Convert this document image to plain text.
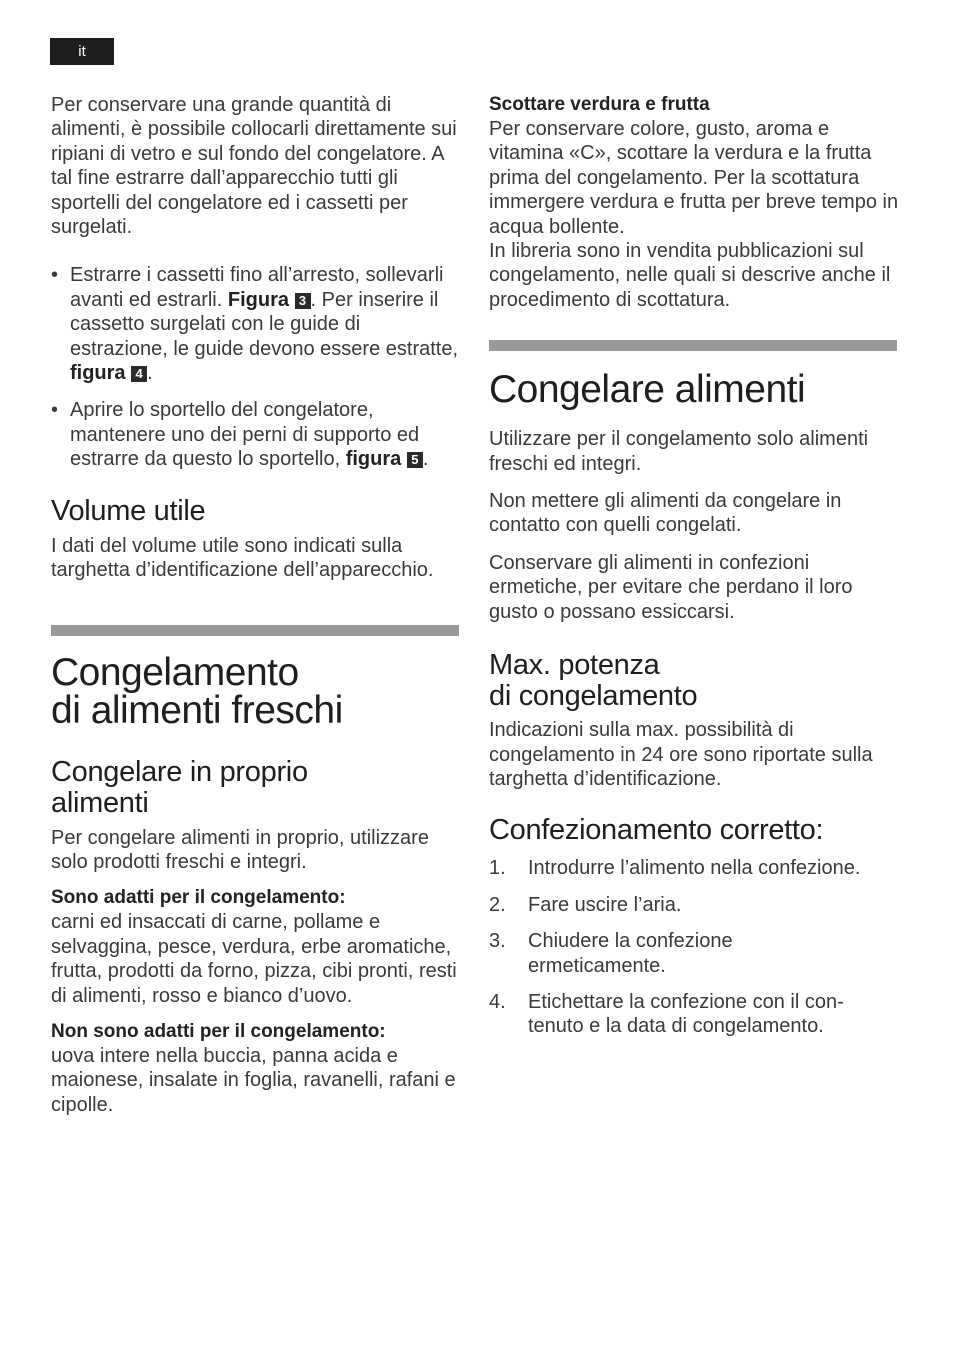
it

Per conservare una grande quantità di alimenti, è possibile collocarli direttamente sui ripiani di vetro e sul fondo del congelatore. A tal fine estrarre dall’apparecchio tutti gli sportelli del congelatore ed i cassetti per surgelati.

• Estrarre i cassetti fino all’arresto, sollevarli avanti ed estrarli. Figura 3 . Per inserire il cassetto surgelati con le guide di estrazione, le guide devono essere estratte, figura 4 .
• Aprire lo sportello del congelatore, mantenere uno dei perni di supporto ed estrarre da questo lo sportello, figura 5 .
Volume utile

I dati del volume utile sono indicati sulla targhetta d’identificazione dell’apparecchio.

Congelamento
di alimenti freschi
Congelare in proprio
alimenti

Per congelare alimenti in proprio, utilizzare solo prodotti freschi e integri.

Sono adatti per il congelamento:

carni ed insaccati di carne, pollame e selvaggina, pesce, verdura, erbe aromatiche, frutta, prodotti da forno, pizza, cibi pronti, resti di alimenti, rosso e bianco d’uovo.

Non sono adatti per il congelamento:

uova intere nella buccia, panna acida e maionese, insalate in foglia, ravanelli, rafani e cipolle.

Scottare verdura e frutta

Per conservare colore, gusto, aroma e vitamina «C», scottare la verdura e la frutta prima del congelamento. Per la scottatura immergere verdura e frutta per breve tempo in acqua bollente.

In libreria sono in vendita pubblicazioni sul congelamento, nelle quali si descrive anche il procedimento di scottatura.

Congelare alimenti

Utilizzare per il congelamento solo alimenti freschi ed integri.

Non mettere gli alimenti da congelare in contatto con quelli congelati.

Conservare gli alimenti in confezioni ermetiche, per evitare che perdano il loro gusto o possano essiccarsi.

Max. potenza
di congelamento

Indicazioni sulla max. possibilità di congelamento in 24 ore sono riportate sulla targhetta d’identificazione.

Confezionamento corretto:
1. Introdurre l’alimento nella confezione.
2. Fare uscire l’aria.
3. Chiudere la confezione ermeticamente.
4. Etichettare la confezione con il con-
tenuto e la data di congelamento.
